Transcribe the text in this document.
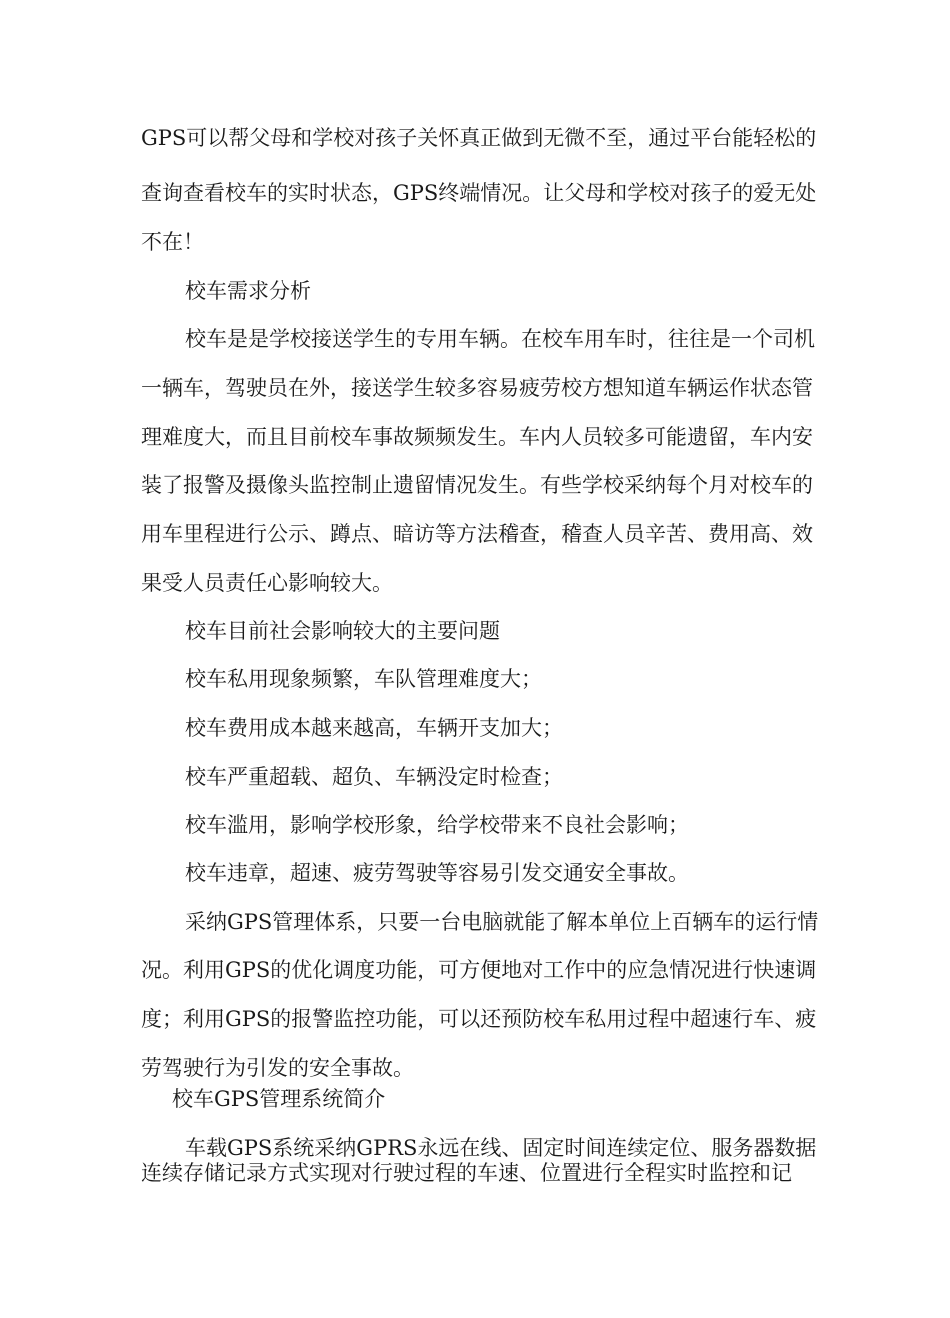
GPS可以帮父母和学校对孩子关怀真正做到无微不至，通过平台能轻松的
查询查看校车的实时状态，GPS终端情况。让父母和学校对孩子的爱无处
不在！
校车需求分析
校车是是学校接送学生的专用车辆。在校车用车时，往往是一个司机
一辆车，驾驶员在外，接送学生较多容易疲劳校方想知道车辆运作状态管
理难度大，而且目前校车事故频频发生。车内人员较多可能遗留，车内安
装了报警及摄像头监控制止遗留情况发生。有些学校采纳每个月对校车的
用车里程进行公示、蹲点、暗访等方法稽查，稽查人员辛苦、费用高、效
果受人员责任心影响较大。
校车目前社会影响较大的主要问题
校车私用现象频繁，车队管理难度大；
校车费用成本越来越高，车辆开支加大；
校车严重超载、超负、车辆没定时检查；
校车滥用，影响学校形象，给学校带来不良社会影响；
校车违章，超速、疲劳驾驶等容易引发交通安全事故。
采纳GPS管理体系，只要一台电脑就能了解本单位上百辆车的运行情
况。利用GPS的优化调度功能，可方便地对工作中的应急情况进行快速调
度；利用GPS的报警监控功能，可以还预防校车私用过程中超速行车、疲
劳驾驶行为引发的安全事故。
校车GPS管理系统简介
车载GPS系统采纳GPRS永远在线、固定时间连续定位、服务器数据
连续存储记录方式实现对行驶过程的车速、位置进行全程实时监控和记
